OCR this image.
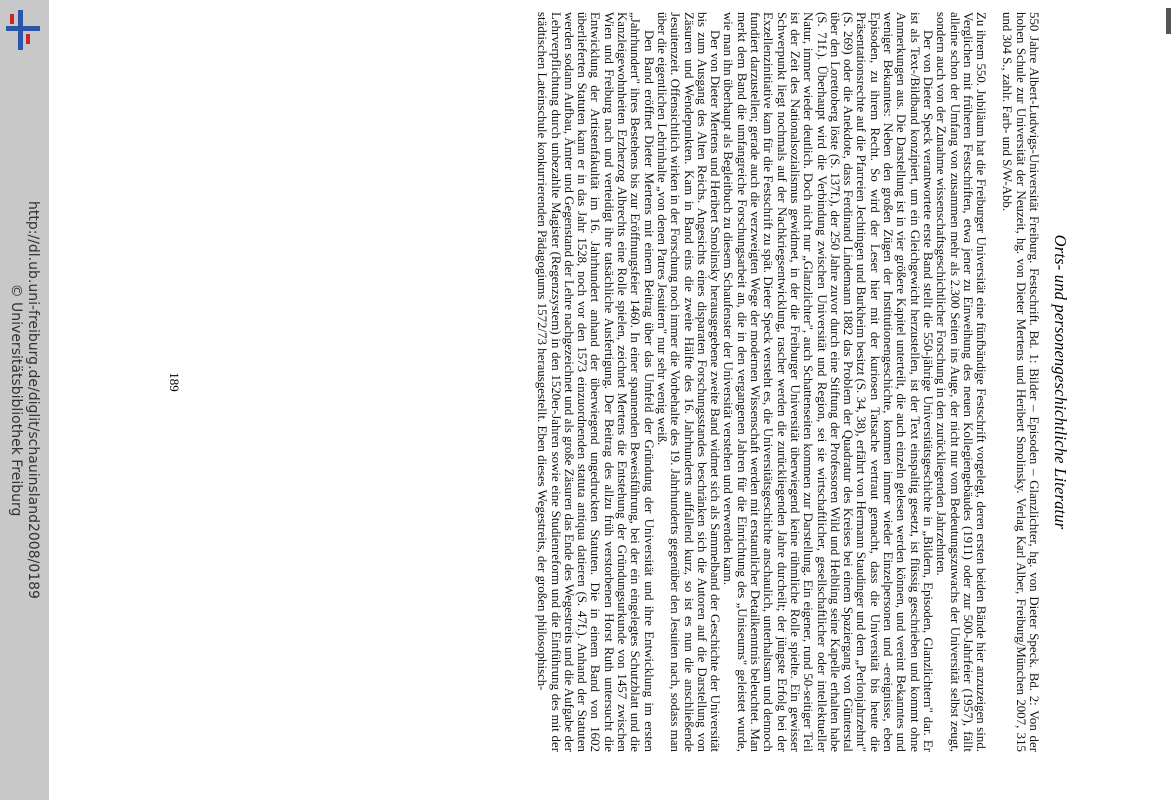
http://dl.ub.uni-freiburg.de/diglit/schauinsland2008/0189
© Universitätsbibliothek Freiburg	Orts- und personengeschichtliche Literatur

550 Jahre Albert-Ludwigs-Universität Freiburg. Festschrift. Bd. 1: Bilder – Episoden – Glanzlichter, hg. von Dieter Speck. Bd. 2: Von der hohen Schule zur Universität der Neuzeit, hg. von Dieter Mertens und Heribert Smolinsky. Verlag Karl Alber, Freiburg/München 2007, 315 und 304 S., zahlr. Farb- und S/W-Abb.

Zu ihrem 550. Jubiläum hat die Freiburger Universität eine fünfbändige Festschrift vorgelegt, deren ersten beiden Bände hier anzuzeigen sind. Verglichen mit früheren Festschriften, etwa jener zu Einweihung des neuen Kollegiengebäudes (1911) oder zur 500-Jahrfeier (1957), fällt alleine schon der Umfang von zusammen mehr als 2.300 Seiten ins Auge, der nicht nur vom Bedeutungszuwachs der Universität selbst zeugt, sondern auch von der Zunahme wissenschaftsgeschichtlicher Forschung in den zurückliegenden Jahrzehnten.

Der von Dieter Speck verantwortete erste Band stellt die 550-jährige Universitätsgeschichte in „Bildern, Episoden, Glanzlichtern" dar. Er ist als Text-/Bildband konzipiert, um ein Gleichgewicht herzustellen, ist der Text einspaltig gesetzt, ist flüssig geschrieben und kommt ohne Anmerkungen aus. Die Darstellung ist in vier größere Kapitel unterteilt, die auch einzeln gelesen werden können, und vereint Bekanntes und weniger Bekanntes: Neben den großen Zügen der Institutionengeschichte, kommen immer wieder Einzelpersonen und -ereignisse, eben Episoden, zu ihrem Recht. So wird der Leser hier mit der kuriosen Tatsache vertraut gemacht, dass die Universität bis heute die Präsentationsrechte auf die Pfarreien Jechtingen und Burkheim besitzt (S. 34, 38), erfährt von Hermann Staudinger und dem „Perlonjahrzehnt" (S. 269) oder die Anekdote, dass Ferdinand Lindemann 1882 das Problem der Quadratur des Kreises bei einem Spaziergang von Günterstal über den Lorettoberg löste (S. 137f.), der 250 Jahre zuvor durch eine Stiftung der Professoren Wild und Helbling seine Kapelle erhalten habe (S. 71f.). Überhaupt wird die Verbindung zwischen Universität und Region, sei sie wirtschaftlicher, gesellschaftlicher oder intellektueller Natur, immer wieder deutlich. Doch nicht nur „Glanzlichter", auch Schattenseiten kommen zur Darstellung. Ein eigener, rund 50-seitiger Teil ist der Zeit des Nationalsozialismus gewidmet, in der die Freiburger Universität überwiegend keine rühmliche Rolle spielte. Ein gewisser Schwerpunkt liegt nochmals auf der Nachkriegsentwicklung, rascher werden die zurückliegenden Jahre durcheilt; der jüngste Erfolg bei der Exzellenzinitiative kam für die Festschrift zu spät. Dieter Speck versteht es, die Universitätsgeschichte anschaulich, unterhaltsam und dennoch fundiert darzustellen; gerade auch die verzweigten Wege der modernen Wissenschaft werden mit erstaunlicher Detailkenntnis beleuchtet. Man merkt dem Band die umfangreiche Forschungsarbeit an, die in den vergangenen Jahren für die Einrichtung des „Uniseums" geleistet wurde, wie man ihn überhaupt als Begleitbuch zu diesem Schaufenster der Universität verstehen und verwenden kann.

Der von Dieter Mertens und Heribert Smolinsky herausgegebene zweite Band widmet sich als Sammelband der Geschichte der Universität bis zum Ausgang des Alten Reichs. Angesichts eines disparaten Forschungsstandes beschränken sich die Autoren auf die Darstellung von Zäsuren und Wendepunkten. Kam in Band eins die zweite Hälfte des 16. Jahrhunderts auffallend kurz, so ist es nun die anschließende Jesuitenzeit. Offensichtlich wirken in der Forschung noch immer die Vorbehalte des 19. Jahrhunderts gegenüber den Jesuiten nach, sodass man über die eigentlichen Lehrinhalte „von denen Patres Jesuitern" nur sehr wenig weiß.

Den Band eröffnet Dieter Mertens mit einem Beitrag über das Umfeld der Gründung der Universität und ihre Entwicklung im ersten „Jahrhundert" ihres Bestehens bis zur Eröffnungsfeier 1460. In einer spannenden Beweisführung, bei der ein eingelegtes Schutzblatt und die Kanzleigewohnheiten Erzherzog Albrechts eine Rolle spielen, zeichnet Mertens die Entstehung der Gründungsurkunde von 1457 zwischen Wien und Freiburg nach und verteidigt ihre tatsächliche Ausfertigung. Der Beitrag des allzu früh verstorbenen Horst Ruth untersucht die Entwicklung der Artistenfakultät im 16. Jahrhundert anhand der überwiegend ungedruckten Statuten. Die in einem Band von 1602 überlieferten Statuten kann er in das Jahr 1528, noch vor den 1573 einzuordnenden statuta antiqua datieren (S. 47f.). Anhand der Statuten werden sodann Aufbau, Ämter und Gegenstand der Lehre nachgezeichnet und als große Zäsuren das Ende des Wegestreits und die Aufgabe der Lehrverpflichtung durch unbezahlte Magister (Regenzsystem) in den 1520er-Jahren sowie eine Studienreform und die Einführung des mit der städtischen Lateinschule konkurrierenden Pädagogiums 1572/73 herausgestellt. Eben dieses Wegestreits, der großen philosophisch-

189
